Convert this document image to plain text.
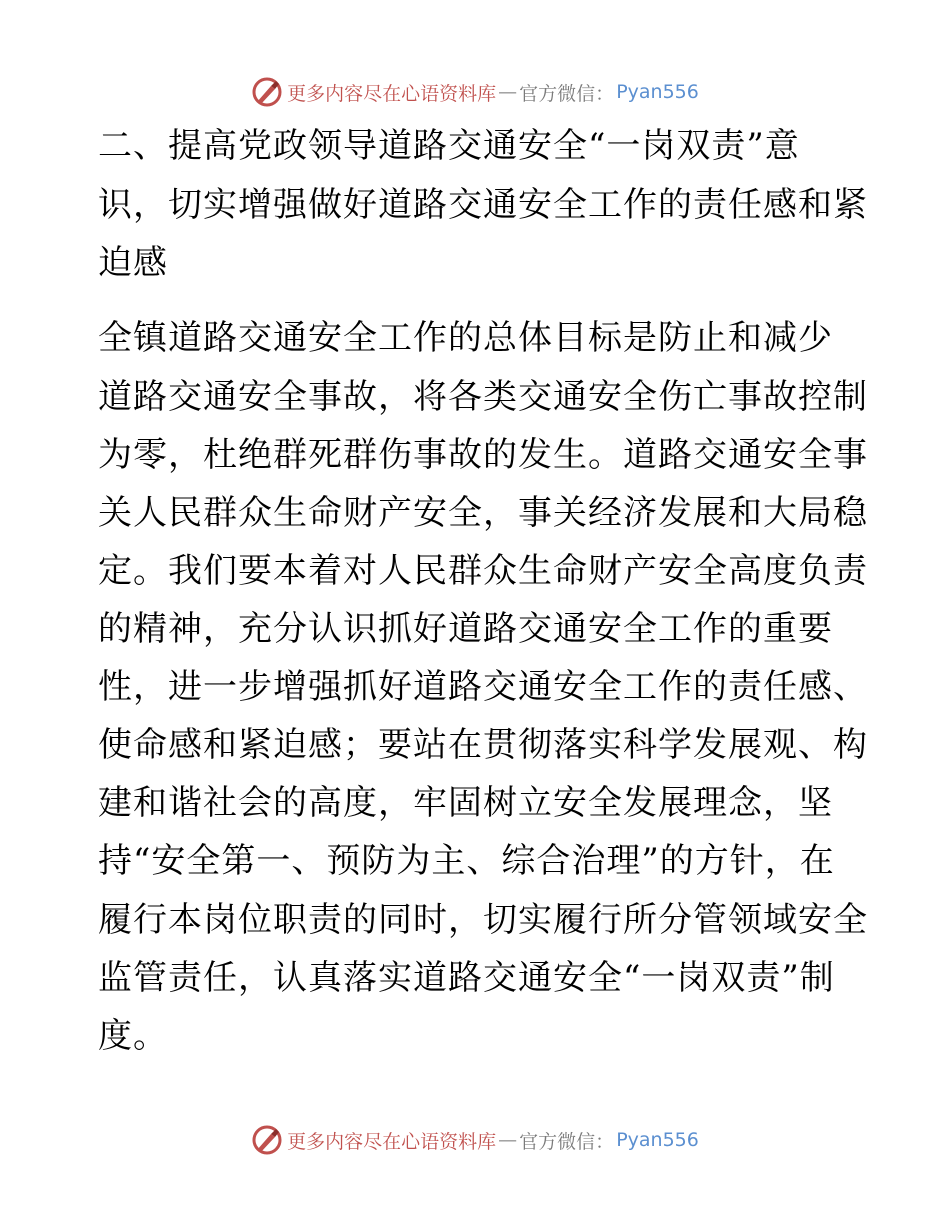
更多内容尽在心语资料库 — 官方微信： Pyan556
二、提高党政领导道路交通安全“一岗双责”意
识，切实增强做好道路交通安全工作的责任感和紧
迫感
全镇道路交通安全工作的总体目标是防止和减少
道路交通安全事故，将各类交通安全伤亡事故控制
为零，杜绝群死群伤事故的发生。道路交通安全事
关人民群众生命财产安全，事关经济发展和大局稳
定。我们要本着对人民群众生命财产安全高度负责
的精神，充分认识抓好道路交通安全工作的重要
性，进一步增强抓好道路交通安全工作的责任感、
使命感和紧迫感；要站在贯彻落实科学发展观、构
建和谐社会的高度，牢固树立安全发展理念，坚
持“安全第一、预防为主、综合治理”的方针，在
履行本岗位职责的同时，切实履行所分管领域安全
监管责任，认真落实道路交通安全“一岗双责”制
度。
更多内容尽在心语资料库 — 官方微信： Pyan556
